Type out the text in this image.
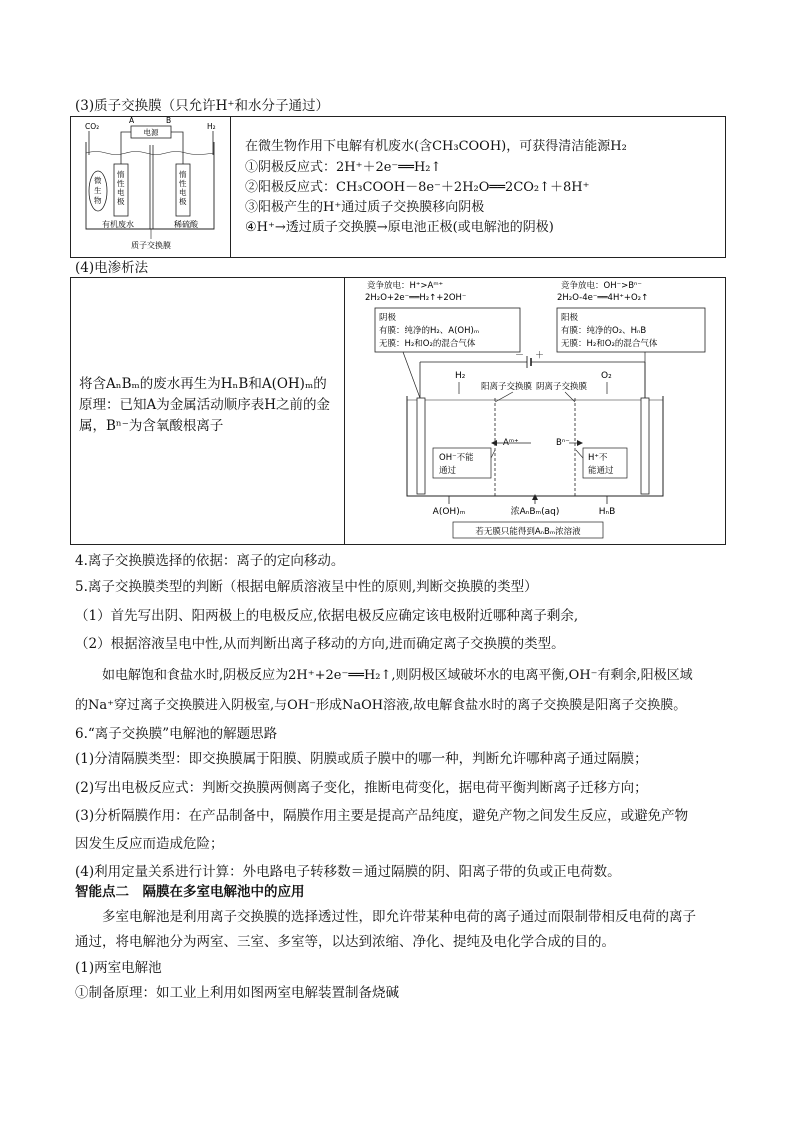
(3)质子交换膜（只允许H⁺和水分子通过）
CO₂	H₂
A	B
电源
惰性电极
惰性电极
微生物
有机废水	稀硫酸
质子交换膜
在微生物作用下电解有机废水(含CH₃COOH)，可获得清洁能源H₂
①阴极反应式：2H⁺＋2e⁻══H₂↑
②阳极反应式：CH₃COOH－8e⁻＋2H₂O══2CO₂↑＋8H⁺
③阳极产生的H⁺通过质子交换膜移向阴极
④H⁺→透过质子交换膜→原电池正极(或电解池的阴极)
(4)电渗析法
将含AₙBₘ的废水再生为HₙB和A(OH)ₘ的原理：已知A为金属活动顺序表H之前的金属，Bⁿ⁻为含氧酸根离子
竞争放电：H⁺>Aᵐ⁺
2H₂O+2e⁻══H₂↑+2OH⁻
竞争放电：OH⁻>Bⁿ⁻
2H₂O-4e⁻══4H⁺+O₂↑
阴极
有膜：纯净的H₂、A(OH)ₘ
无膜：H₂和O₂的混合气体
阳极
有膜：纯净的O₂、HₙB
无膜：H₂和O₂的混合气体
－ ＋
H₂	O₂
阳离子交换膜 阴离子交换膜
Aᵐ⁺	Bⁿ⁻
OH⁻不能
通过
H⁺不
能通过
A(OH)ₘ	浓AₙBₘ(aq)	HₙB
若无膜只能得到AₙBₘ浓溶液
4.离子交换膜选择的依据：离子的定向移动。
5.离子交换膜类型的判断（根据电解质溶液呈中性的原则,判断交换膜的类型）
（1）首先写出阴、阳两极上的电极反应,依据电极反应确定该电极附近哪种离子剩余,
（2）根据溶液呈电中性,从而判断出离子移动的方向,进而确定离子交换膜的类型。
如电解饱和食盐水时,阴极反应为2H⁺+2e⁻══H₂↑,则阴极区域破坏水的电离平衡,OH⁻有剩余,阳极区域
的Na⁺穿过离子交换膜进入阴极室,与OH⁻形成NaOH溶液,故电解食盐水时的离子交换膜是阳离子交换膜。
6.“离子交换膜”电解池的解题思路
(1)分清隔膜类型：即交换膜属于阳膜、阴膜或质子膜中的哪一种，判断允许哪种离子通过隔膜；
(2)写出电极反应式：判断交换膜两侧离子变化，推断电荷变化，据电荷平衡判断离子迁移方向；
(3)分析隔膜作用：在产品制备中，隔膜作用主要是提高产品纯度，避免产物之间发生反应，或避免产物
因发生反应而造成危险；
(4)利用定量关系进行计算：外电路电子转移数＝通过隔膜的阴、阳离子带的负或正电荷数。
智能点二　隔膜在多室电解池中的应用
多室电解池是利用离子交换膜的选择透过性，即允许带某种电荷的离子通过而限制带相反电荷的离子
通过，将电解池分为两室、三室、多室等，以达到浓缩、净化、提纯及电化学合成的目的。
(1)两室电解池
①制备原理：如工业上利用如图两室电解装置制备烧碱
